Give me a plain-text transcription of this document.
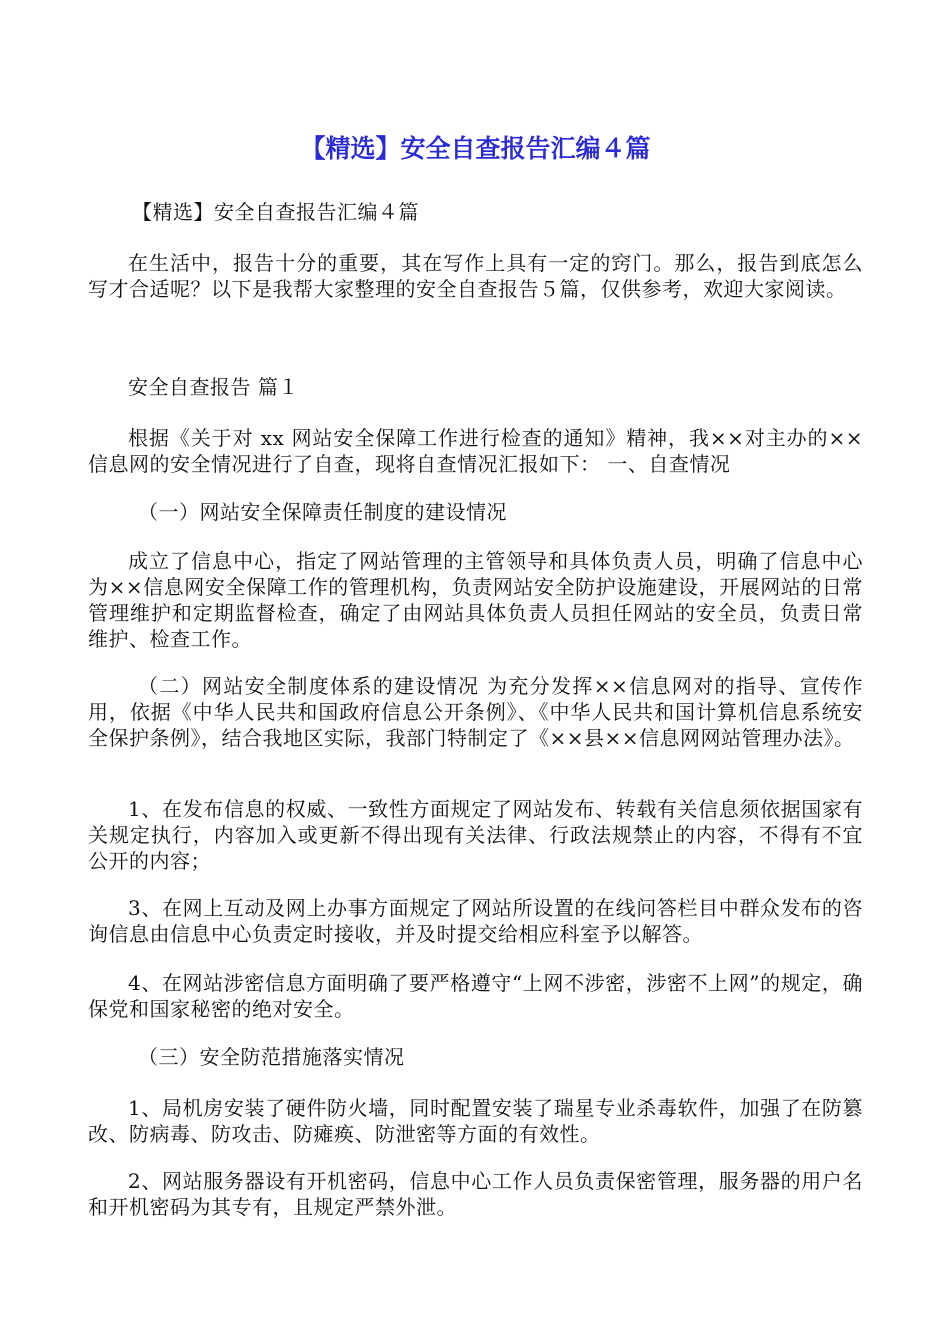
【精选】安全自查报告汇编４篇

【精选】安全自查报告汇编４篇

在生活中，报告十分的重要，其在写作上具有一定的窍门。那么，报告到底怎么写才合适呢？以下是我帮大家整理的安全自查报告５篇，仅供参考，欢迎大家阅读。

安全自查报告 篇１

根据《关于对 xx 网站安全保障工作进行检查的通知》精神，我××对主办的××信息网的安全情况进行了自查，现将自查情况汇报如下： 一、自查情况

（一）网站安全保障责任制度的建设情况

成立了信息中心，指定了网站管理的主管领导和具体负责人员，明确了信息中心为××信息网安全保障工作的管理机构，负责网站安全防护设施建设，开展网站的日常管理维护和定期监督检查，确定了由网站具体负责人员担任网站的安全员，负责日常维护、检查工作。

（二）网站安全制度体系的建设情况 为充分发挥××信息网对的指导、宣传作用，依据《中华人民共和国政府信息公开条例》、《中华人民共和国计算机信息系统安全保护条例》，结合我地区实际，我部门特制定了《××县××信息网网站管理办法》。

1、在发布信息的权威、一致性方面规定了网站发布、转载有关信息须依据国家有关规定执行，内容加入或更新不得出现有关法律、行政法规禁止的内容，不得有不宜公开的内容；

3、在网上互动及网上办事方面规定了网站所设置的在线问答栏目中群众发布的咨询信息由信息中心负责定时接收，并及时提交给相应科室予以解答。

4、在网站涉密信息方面明确了要严格遵守“上网不涉密，涉密不上网”的规定，确保党和国家秘密的绝对安全。

（三）安全防范措施落实情况

1、局机房安装了硬件防火墙，同时配置安装了瑞星专业杀毒软件，加强了在防篡改、防病毒、防攻击、防瘫痪、防泄密等方面的有效性。

2、网站服务器设有开机密码，信息中心工作人员负责保密管理，服务器的用户名和开机密码为其专有，且规定严禁外泄。
